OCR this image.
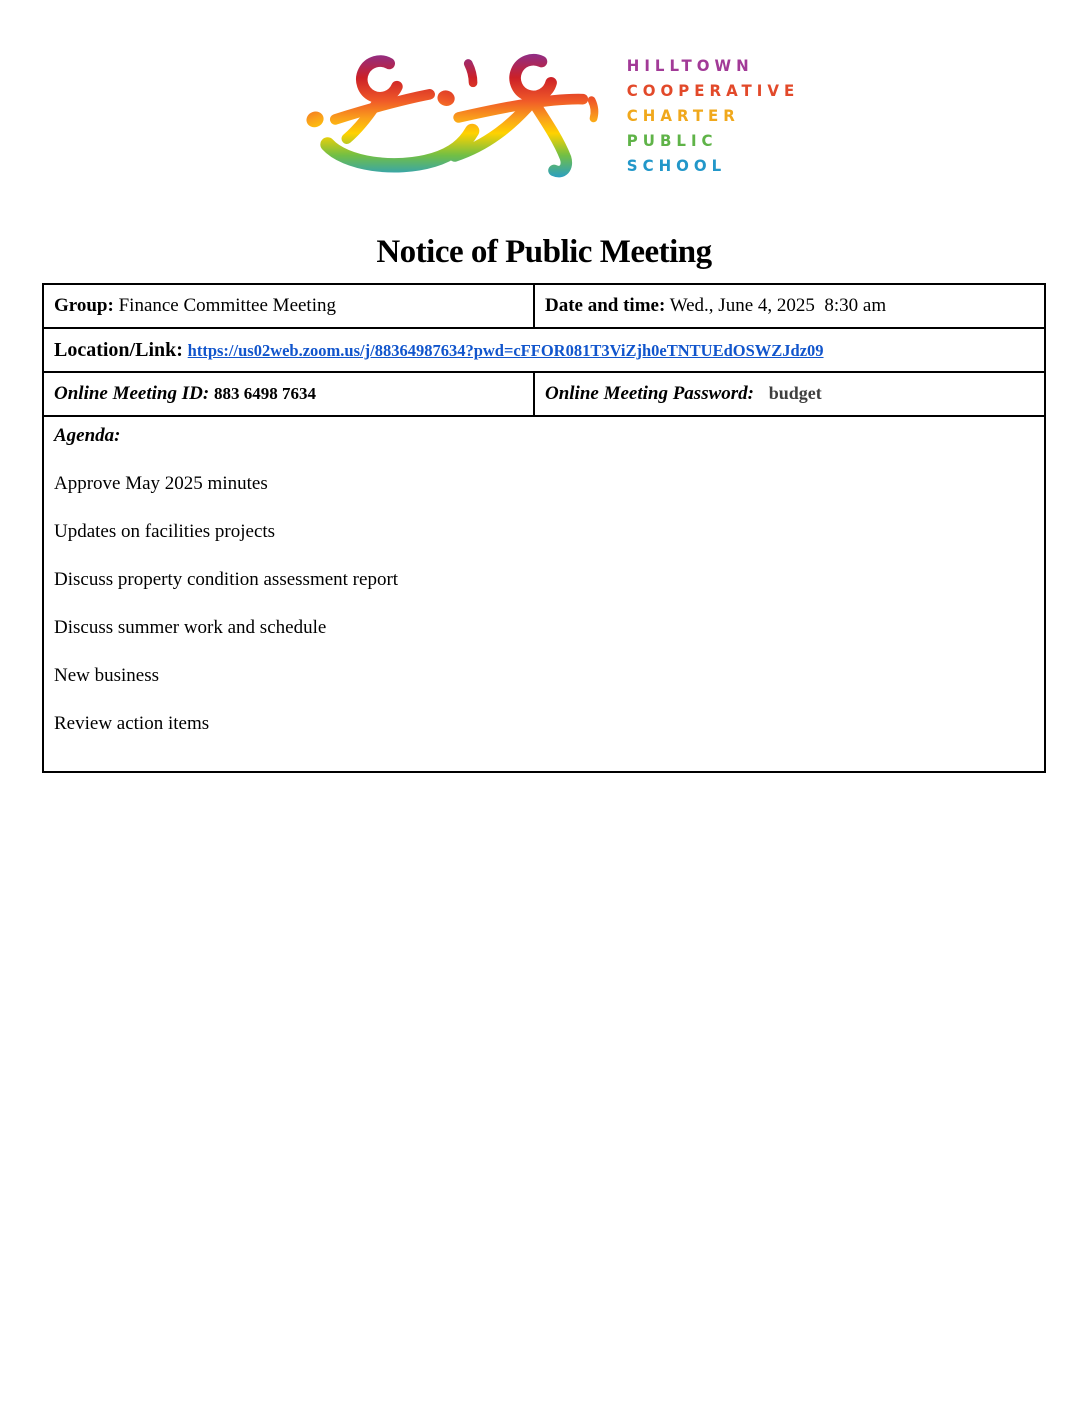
HILLTOWN
COOPERATIVE
CHARTER
PUBLIC
SCHOOL
Notice of Public Meeting
Group: Finance Committee Meeting	Date and time: Wed., June 4, 2025  8:30 am
Location/Link: https://us02web.zoom.us/j/88364987634?pwd=cFFOR081T3ViZjh0eTNTUEdOSWZJdz09	
Online Meeting ID: 883 6498 7634	Online Meeting Password: budget

Agenda:

Approve May 2025 minutes

Updates on facilities projects

Discuss property condition assessment report

Discuss summer work and schedule

New business

Review action items
